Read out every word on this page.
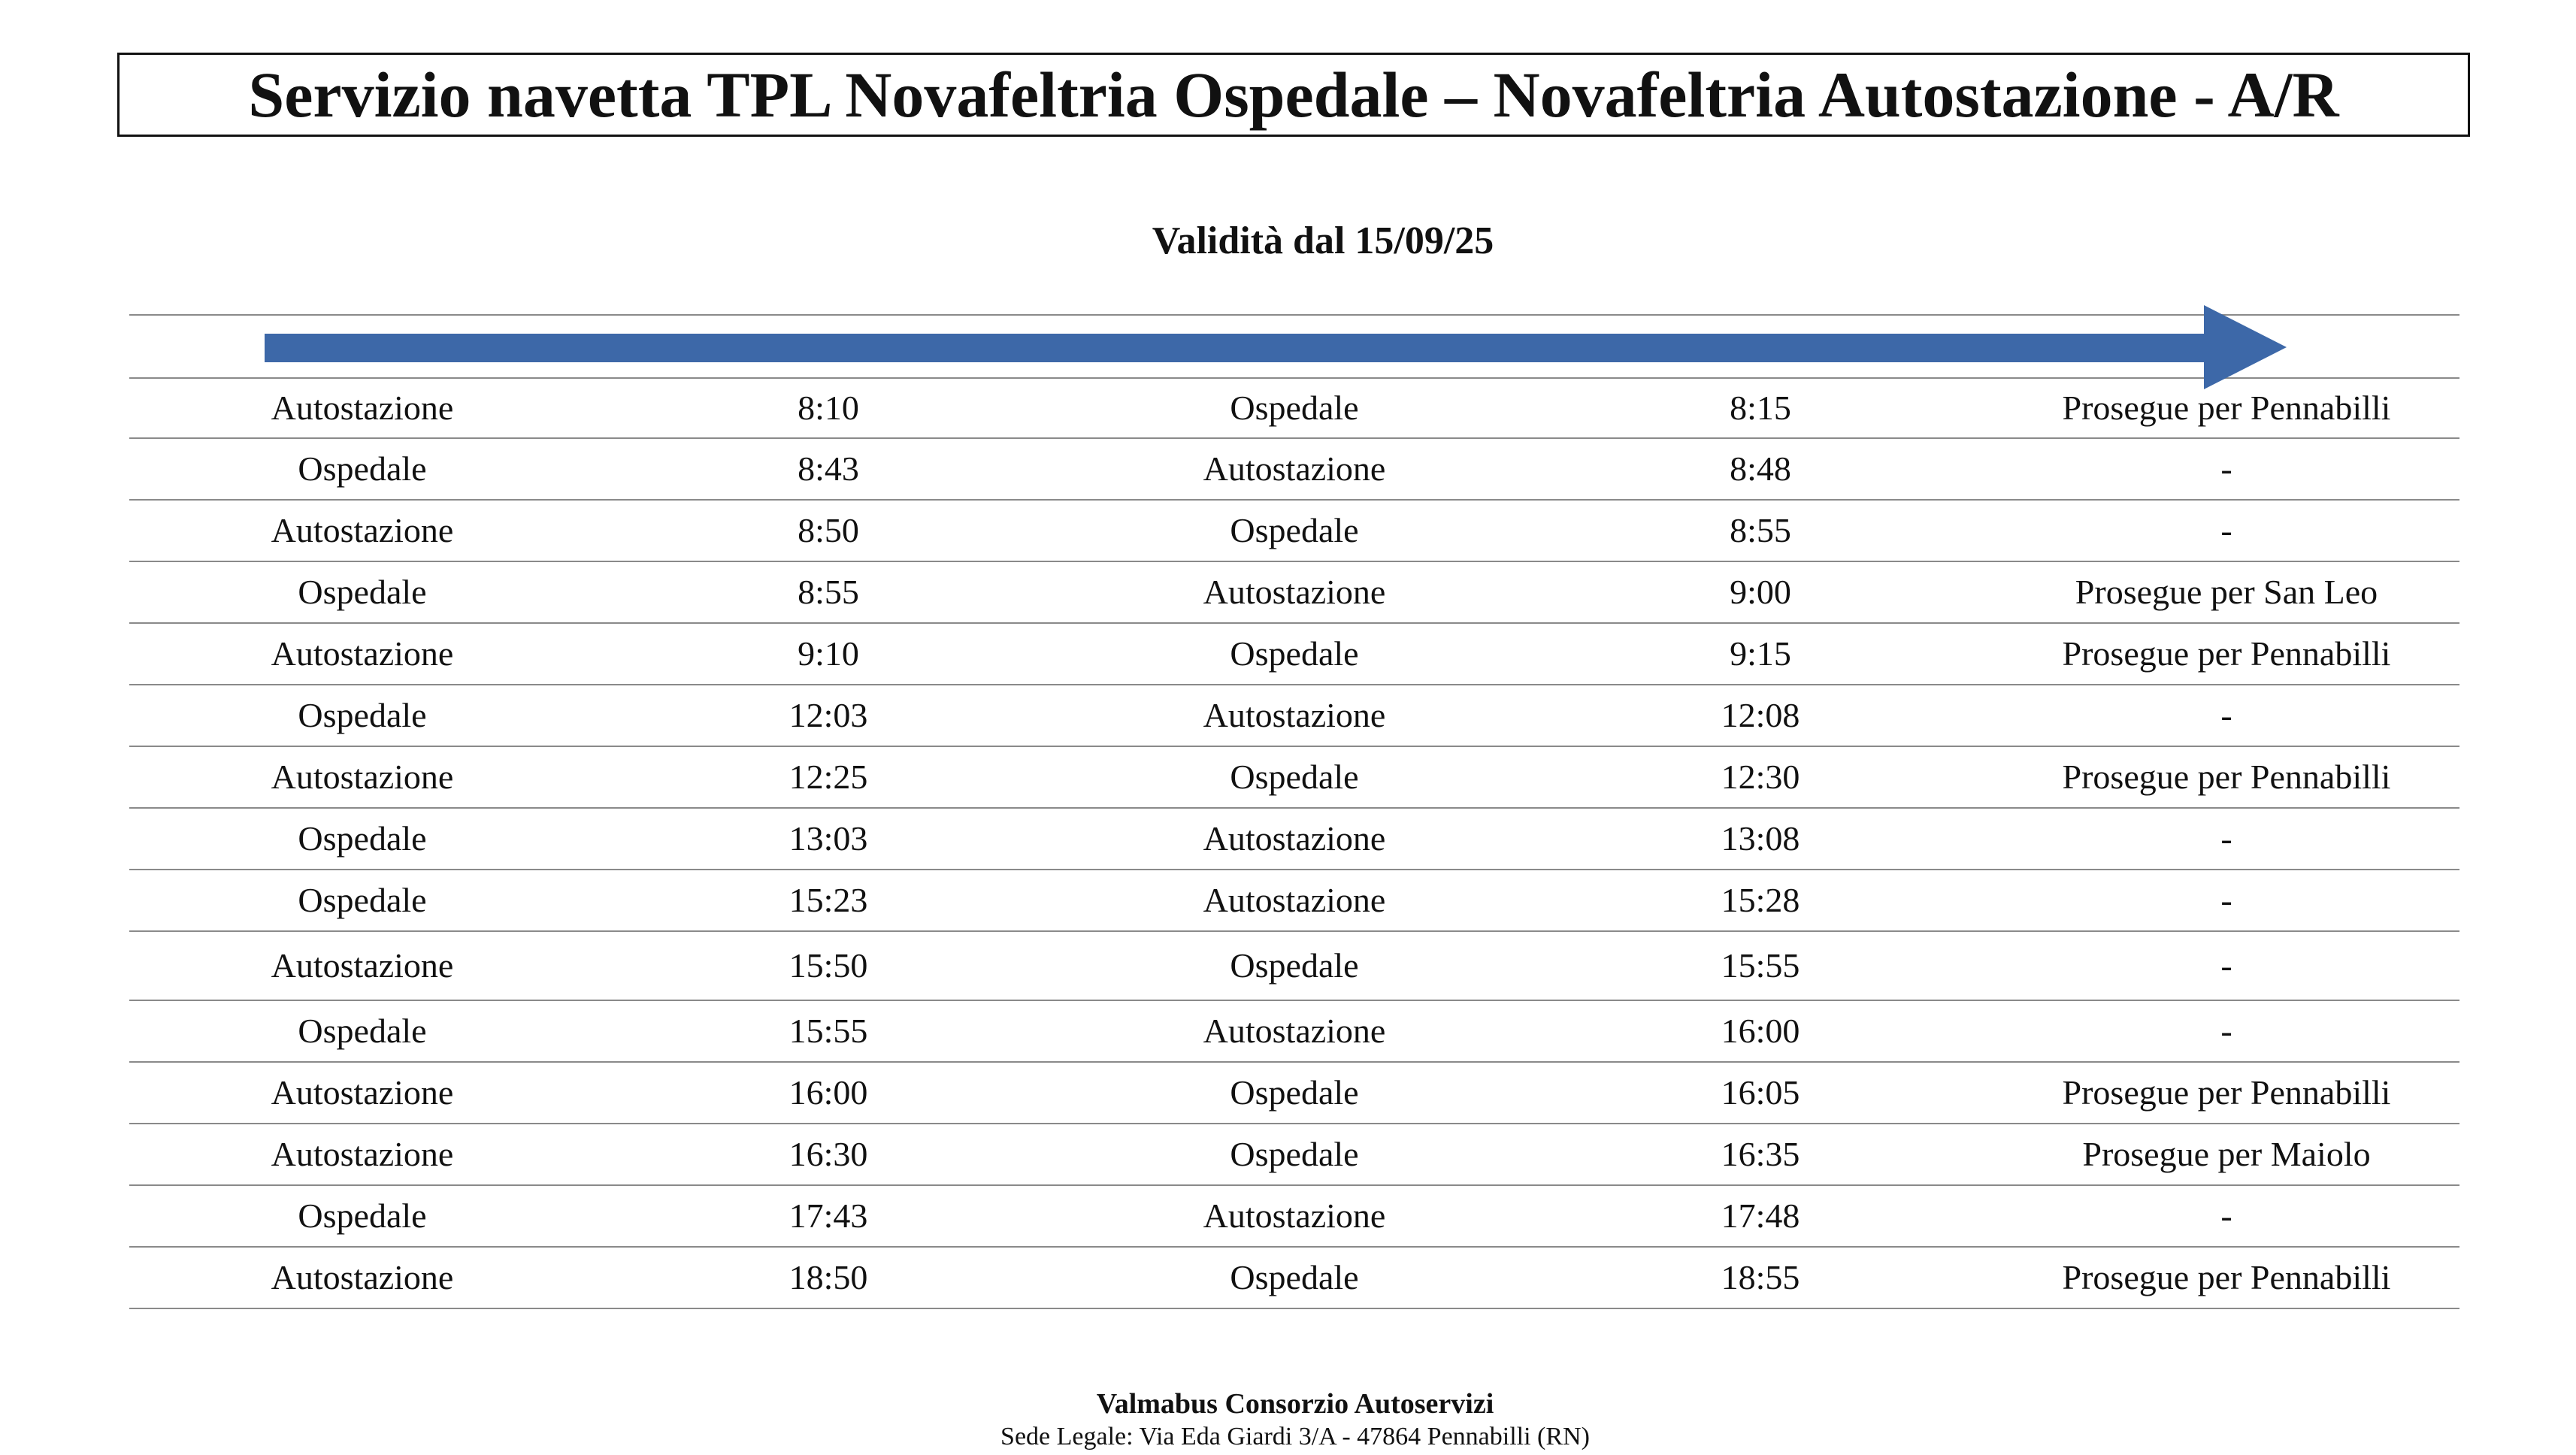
Servizio navetta TPL Novafeltria Ospedale – Novafeltria Autostazione - A/R
Validità dal 15/09/25
Autostazione	8:10	Ospedale	8:15	Prosegue per Pennabilli
Ospedale	8:43	Autostazione	8:48	-
Autostazione	8:50	Ospedale	8:55	-
Ospedale	8:55	Autostazione	9:00	Prosegue per San Leo
Autostazione	9:10	Ospedale	9:15	Prosegue per Pennabilli
Ospedale	12:03	Autostazione	12:08	-
Autostazione	12:25	Ospedale	12:30	Prosegue per Pennabilli
Ospedale	13:03	Autostazione	13:08	-
Ospedale	15:23	Autostazione	15:28	-
Autostazione	15:50	Ospedale	15:55	-
Ospedale	15:55	Autostazione	16:00	-
Autostazione	16:00	Ospedale	16:05	Prosegue per Pennabilli
Autostazione	16:30	Ospedale	16:35	Prosegue per Maiolo
Ospedale	17:43	Autostazione	17:48	-
Autostazione	18:50	Ospedale	18:55	Prosegue per Pennabilli
Valmabus Consorzio Autoservizi
Sede Legale: Via Eda Giardi 3/A - 47864 Pennabilli (RN)
